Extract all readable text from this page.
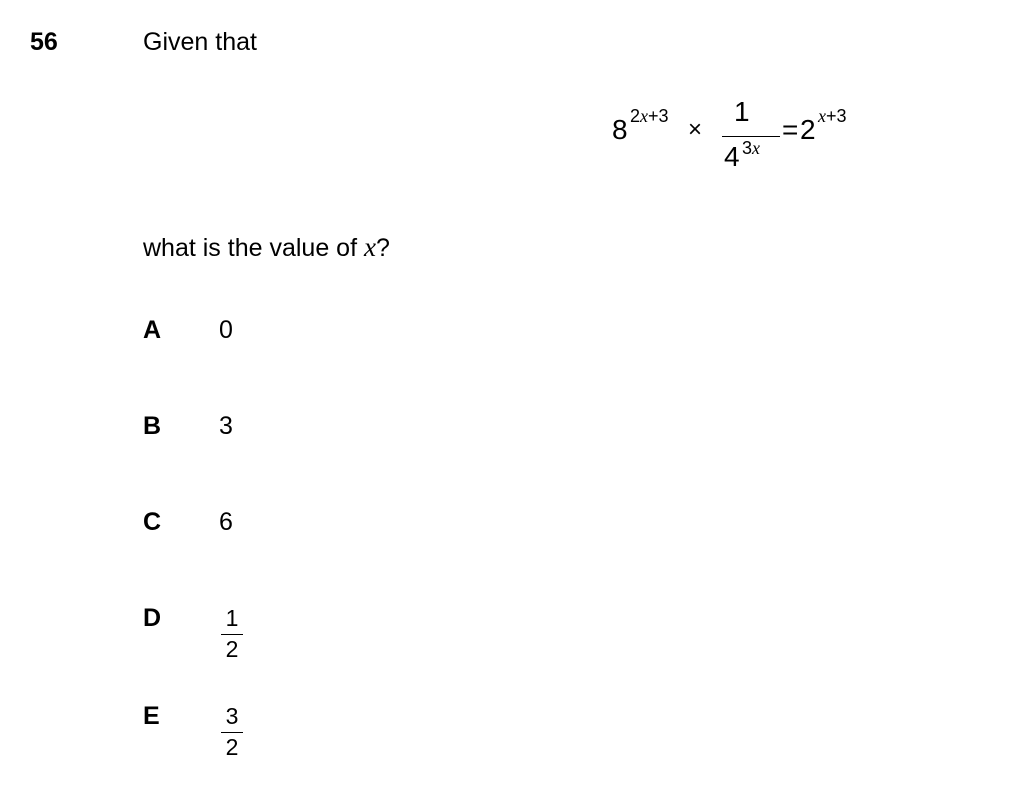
56	Given that
8 2x+3 ×
1
4 3x
= 2 x+3
what is the value of x?
A 0
B 3
C 6
D	1
2
E	3
2
